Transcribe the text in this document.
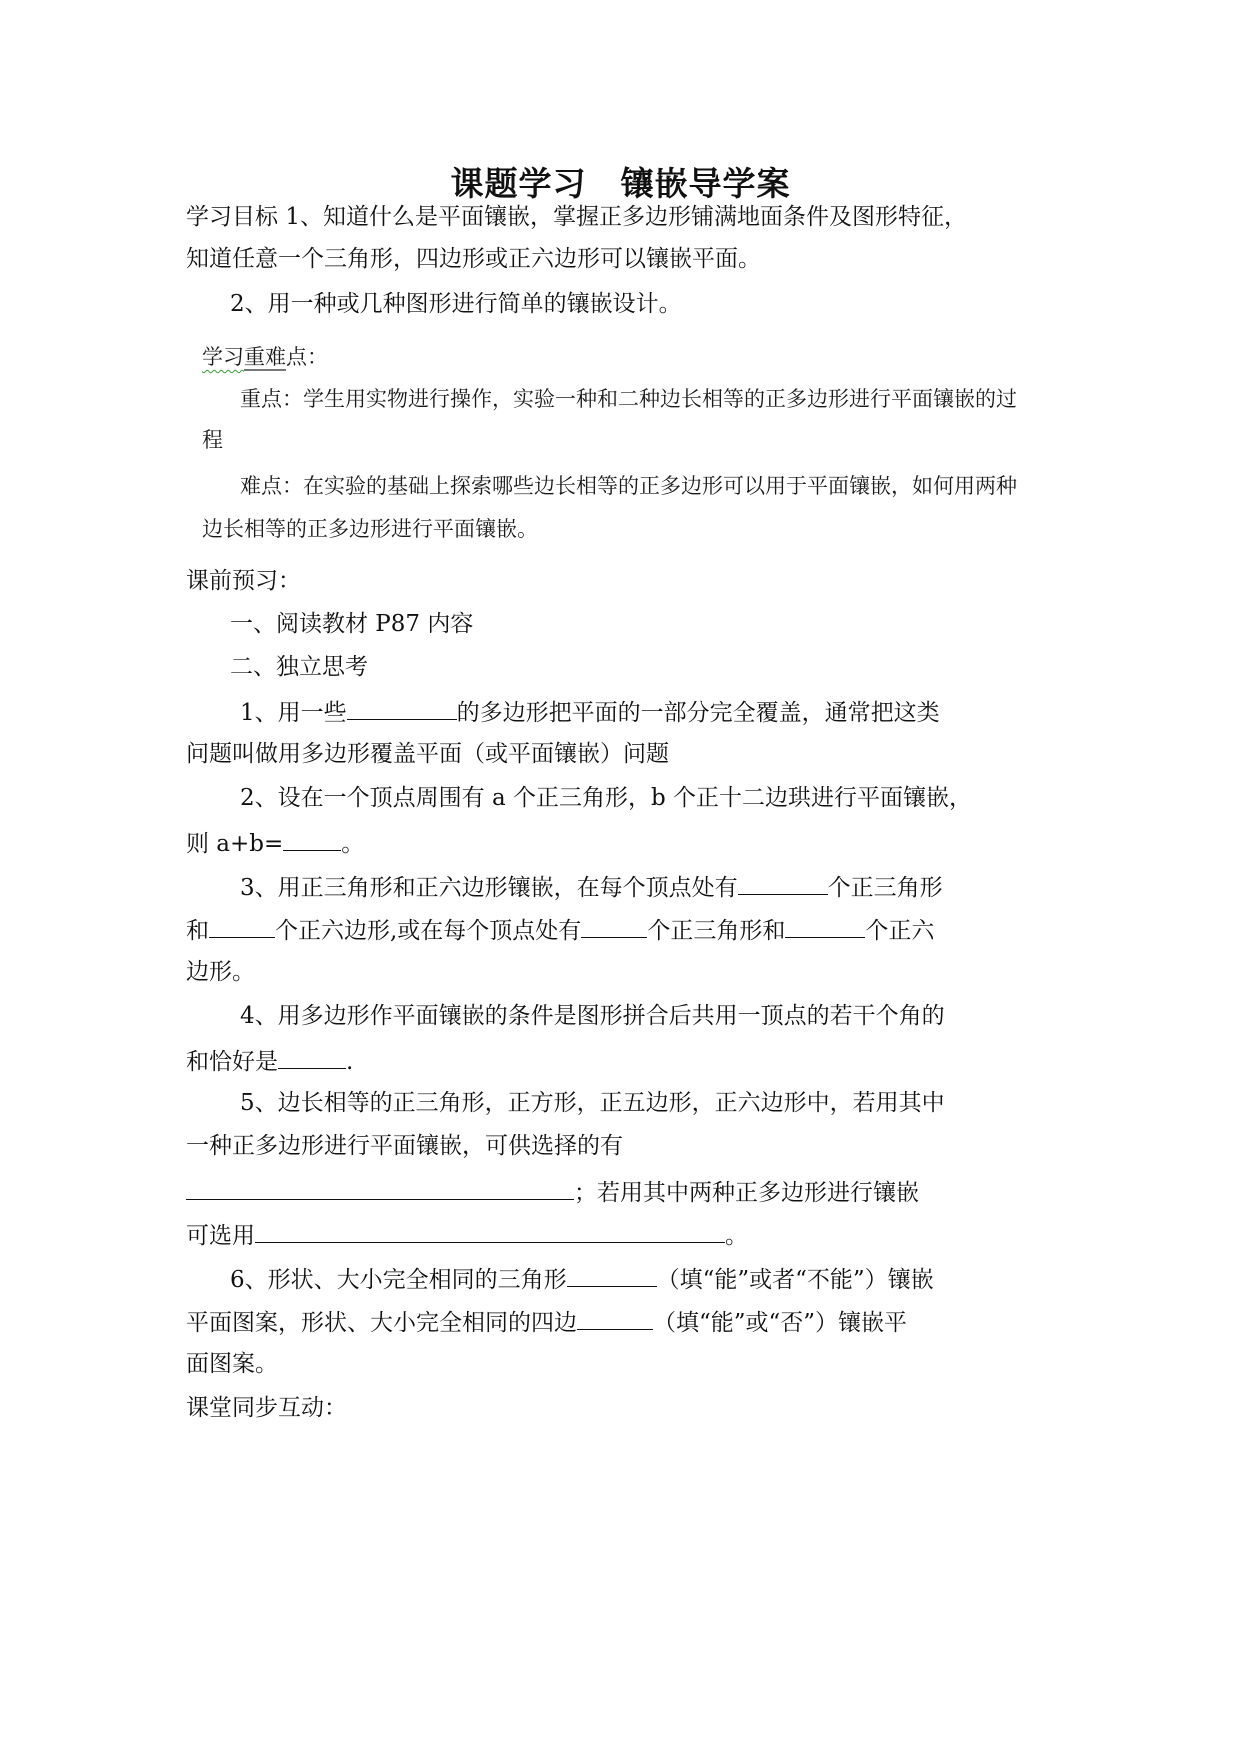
课题学习 镶嵌导学案
学习目标 1、知道什么是平面镶嵌，掌握正多边形铺满地面条件及图形特征，
知道任意一个三角形，四边形或正六边形可以镶嵌平面。
2、用一种或几种图形进行简单的镶嵌设计。
学习重难点：
重点：学生用实物进行操作，实验一种和二种边长相等的正多边形进行平面镶嵌的过
程
难点：在实验的基础上探索哪些边长相等的正多边形可以用于平面镶嵌，如何用两种
边长相等的正多边形进行平面镶嵌。
课前预习：
一、阅读教材 P87 内容
二、独立思考
1、用一些	的多边形把平面的一部分完全覆盖，通常把这类
问题叫做用多边形覆盖平面（或平面镶嵌）问题
2、设在一个顶点周围有 a 个正三角形，b 个正十二边珙进行平面镶嵌，
则 a+b=	。
3、用正三角形和正六边形镶嵌，在每个顶点处有	个正三角形
和	个正六边形,或在每个顶点处有	个正三角形和	个正六
边形。
4、用多边形作平面镶嵌的条件是图形拼合后共用一顶点的若干个角的
和恰好是	.
5、边长相等的正三角形，正方形，正五边形，正六边形中，若用其中
一种正多边形进行平面镶嵌，可供选择的有
；若用其中两种正多边形进行镶嵌
可选用	。
6、形状、大小完全相同的三角形	（填“能”或者“不能”）镶嵌
平面图案，形状、大小完全相同的四边	（填“能”或“否”）镶嵌平
面图案。
课堂同步互动：
